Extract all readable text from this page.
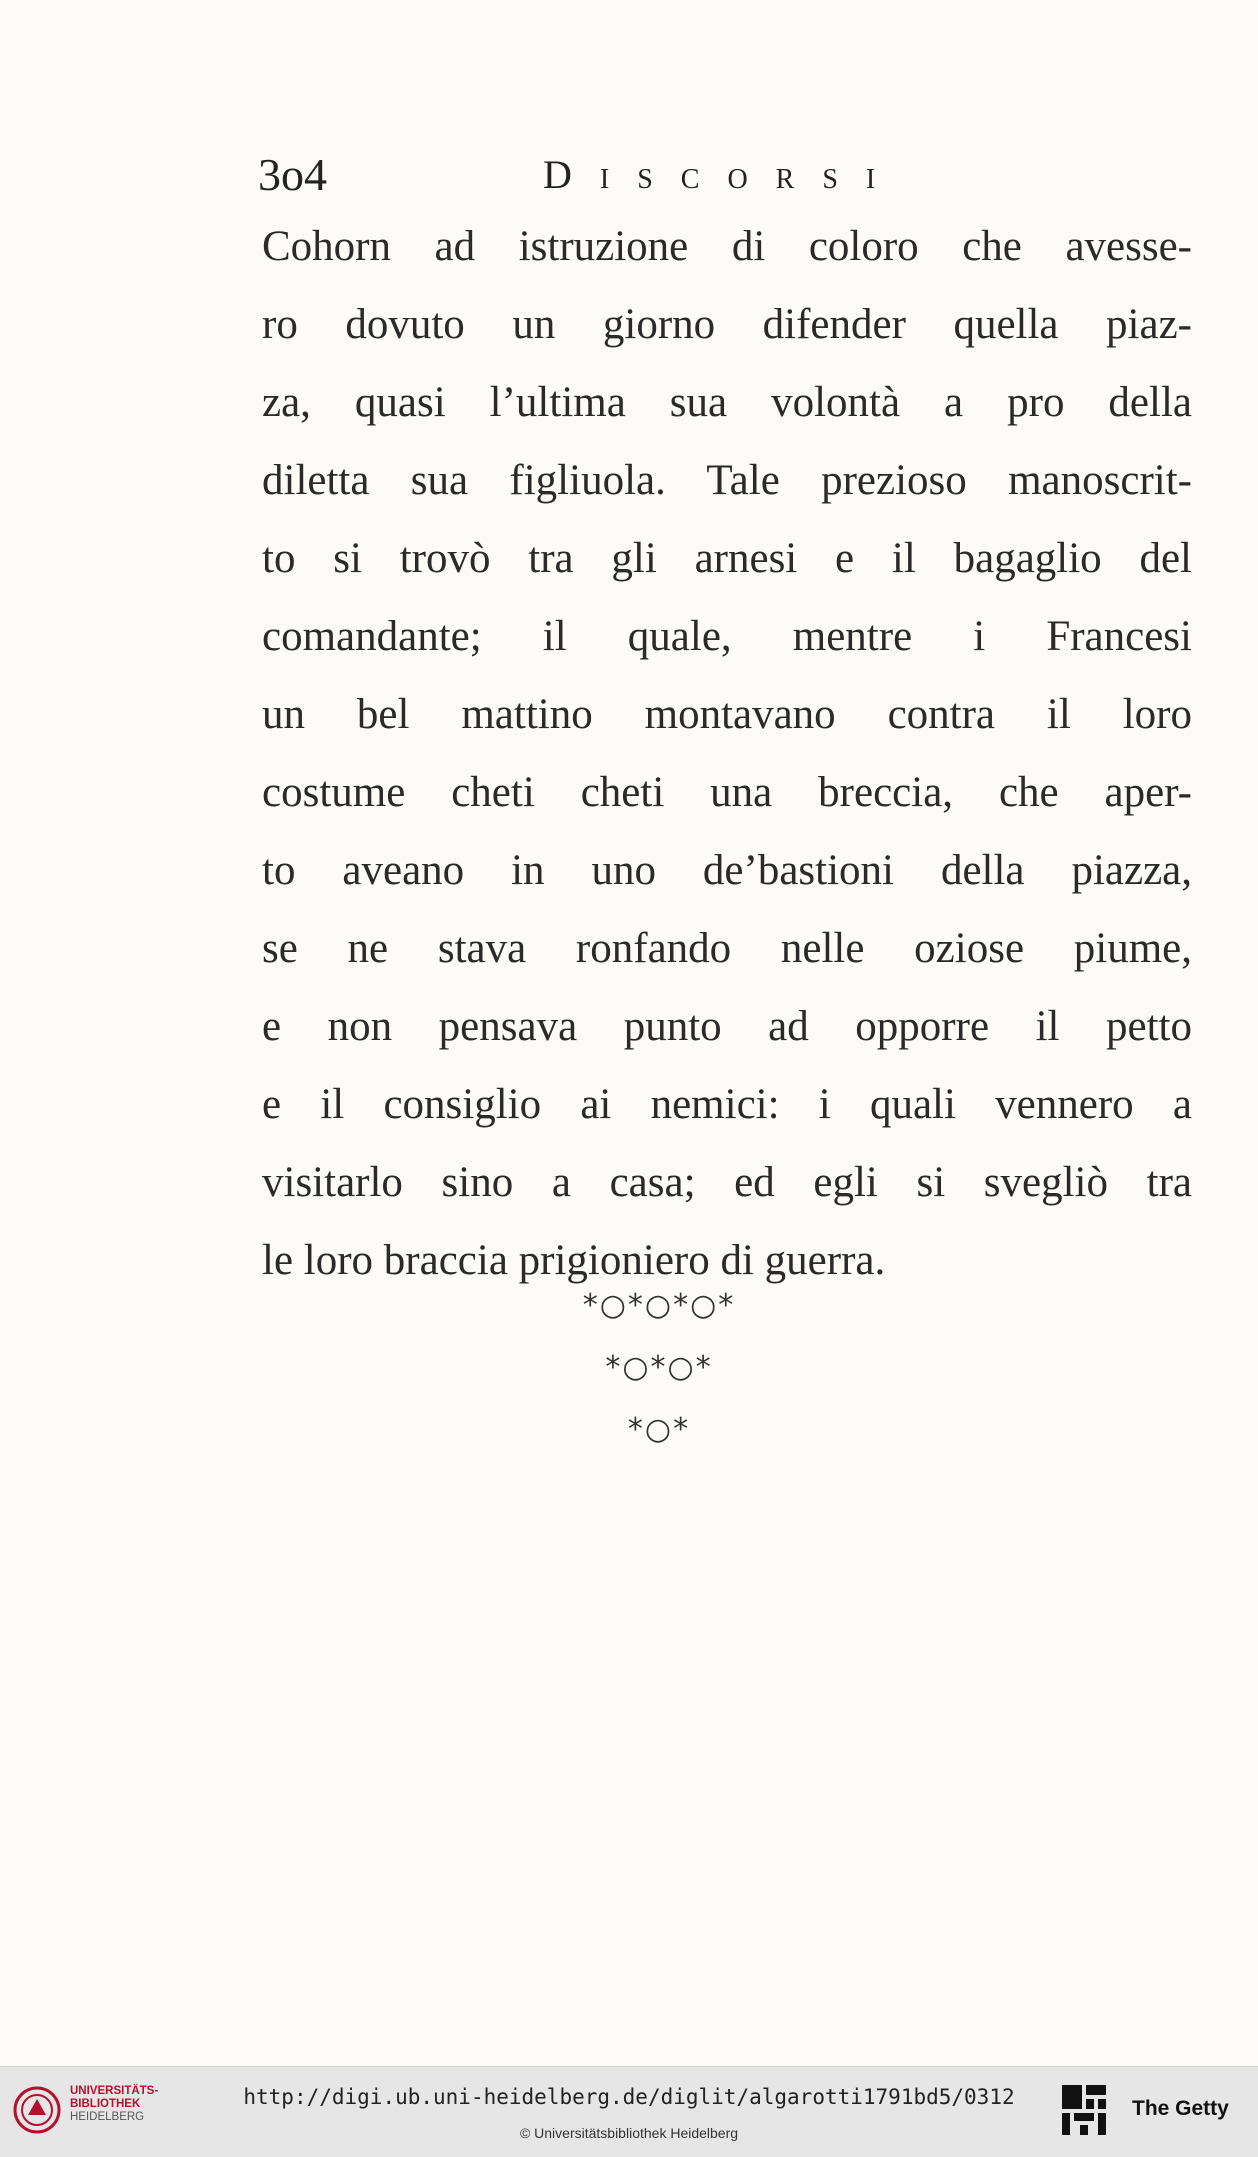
3o4	Discorsi
Cohorn ad istruzione di coloro che avesse-
ro dovuto un giorno difender quella piaz-
za, quasi l’ultima sua volontà a pro della
diletta sua figliuola. Tale prezioso manoscrit-
to si trovò tra gli arnesi e il bagaglio del
comandante; il quale, mentre i Francesi
un bel mattino montavano contra il loro
costume cheti cheti una breccia, che aper-
to aveano in uno de’bastioni della piazza,
se ne stava ronfando nelle oziose piume,
e non pensava punto ad opporre il petto
e il consiglio ai nemici: i quali vennero a
visitarlo sino a casa; ed egli si svegliò tra
le loro braccia prigioniero di guerra.
*○*○*○*
*○*○*
*○*
UNIVERSITÄTS-
BIBLIOTHEK
HEIDELBERG
http://digi.ub.uni-heidelberg.de/diglit/algarotti1791bd5/0312
© Universitätsbibliothek Heidelberg
The Getty
